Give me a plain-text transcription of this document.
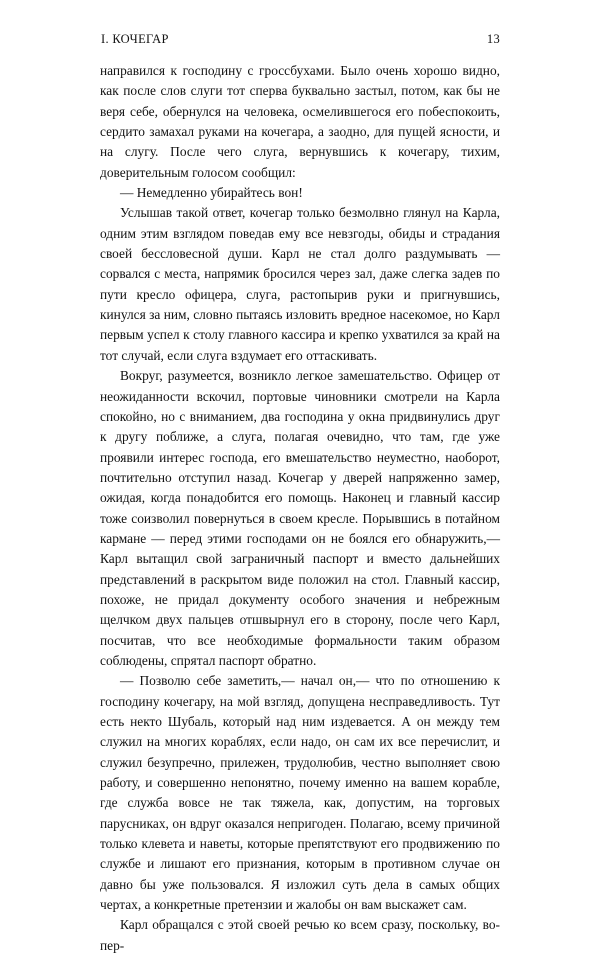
I. КОЧЕГАР	13

направился к господину с гроссбухами. Было очень хорошо видно, как после слов слуги тот сперва буквально застыл, потом, как бы не веря себе, обернулся на человека, осмелившегося его побеспокоить, сердито замахал руками на кочегара, а заодно, для пущей ясности, и на слугу. После чего слуга, вернувшись к кочегару, тихим, доверительным голосом сообщил:

— Немедленно убирайтесь вон!

Услышав такой ответ, кочегар только безмолвно глянул на Карла, одним этим взглядом поведав ему все невзгоды, обиды и страдания своей бессловесной души. Карл не стал долго раздумывать — сорвался с места, напрямик бросился через зал, даже слегка задев по пути кресло офицера, слуга, растопырив руки и пригнувшись, кинулся за ним, словно пытаясь изловить вредное насекомое, но Карл первым успел к столу главного кассира и крепко ухватился за край на тот случай, если слуга вздумает его оттаскивать.

Вокруг, разумеется, возникло легкое замешательство. Офицер от неожиданности вскочил, портовые чиновники смотрели на Карла спокойно, но с вниманием, два господина у окна придвинулись друг к другу поближе, а слуга, полагая очевидно, что там, где уже проявили интерес господа, его вмешательство неуместно, наоборот, почтительно отступил назад. Кочегар у дверей напряженно замер, ожидая, когда понадобится его помощь. Наконец и главный кассир тоже соизволил повернуться в своем кресле. Порывшись в потайном кармане — перед этими господами он не боялся его обнаружить,— Карл вытащил свой заграничный паспорт и вместо дальнейших представлений в раскрытом виде положил на стол. Главный кассир, похоже, не придал документу особого значения и небрежным щелчком двух пальцев отшвырнул его в сторону, после чего Карл, посчитав, что все необходимые формальности таким образом соблюдены, спрятал паспорт обратно.

— Позволю себе заметить,— начал он,— что по отношению к господину кочегару, на мой взгляд, допущена несправедливость. Тут есть некто Шубаль, который над ним издевается. А он между тем служил на многих кораблях, если надо, он сам их все перечислит, и служил безупречно, прилежен, трудолюбив, честно выполняет свою работу, и совершенно непонятно, почему именно на вашем корабле, где служба вовсе не так тяжела, как, допустим, на торговых парусниках, он вдруг оказался непригоден. Полагаю, всему причиной только клевета и наветы, которые препятствуют его продвижению по службе и лишают его признания, которым в противном случае он давно бы уже пользовался. Я изложил суть дела в самых общих чертах, а конкретные претензии и жалобы он вам выскажет сам.

Карл обращался с этой своей речью ко всем сразу, поскольку, во-пер-
